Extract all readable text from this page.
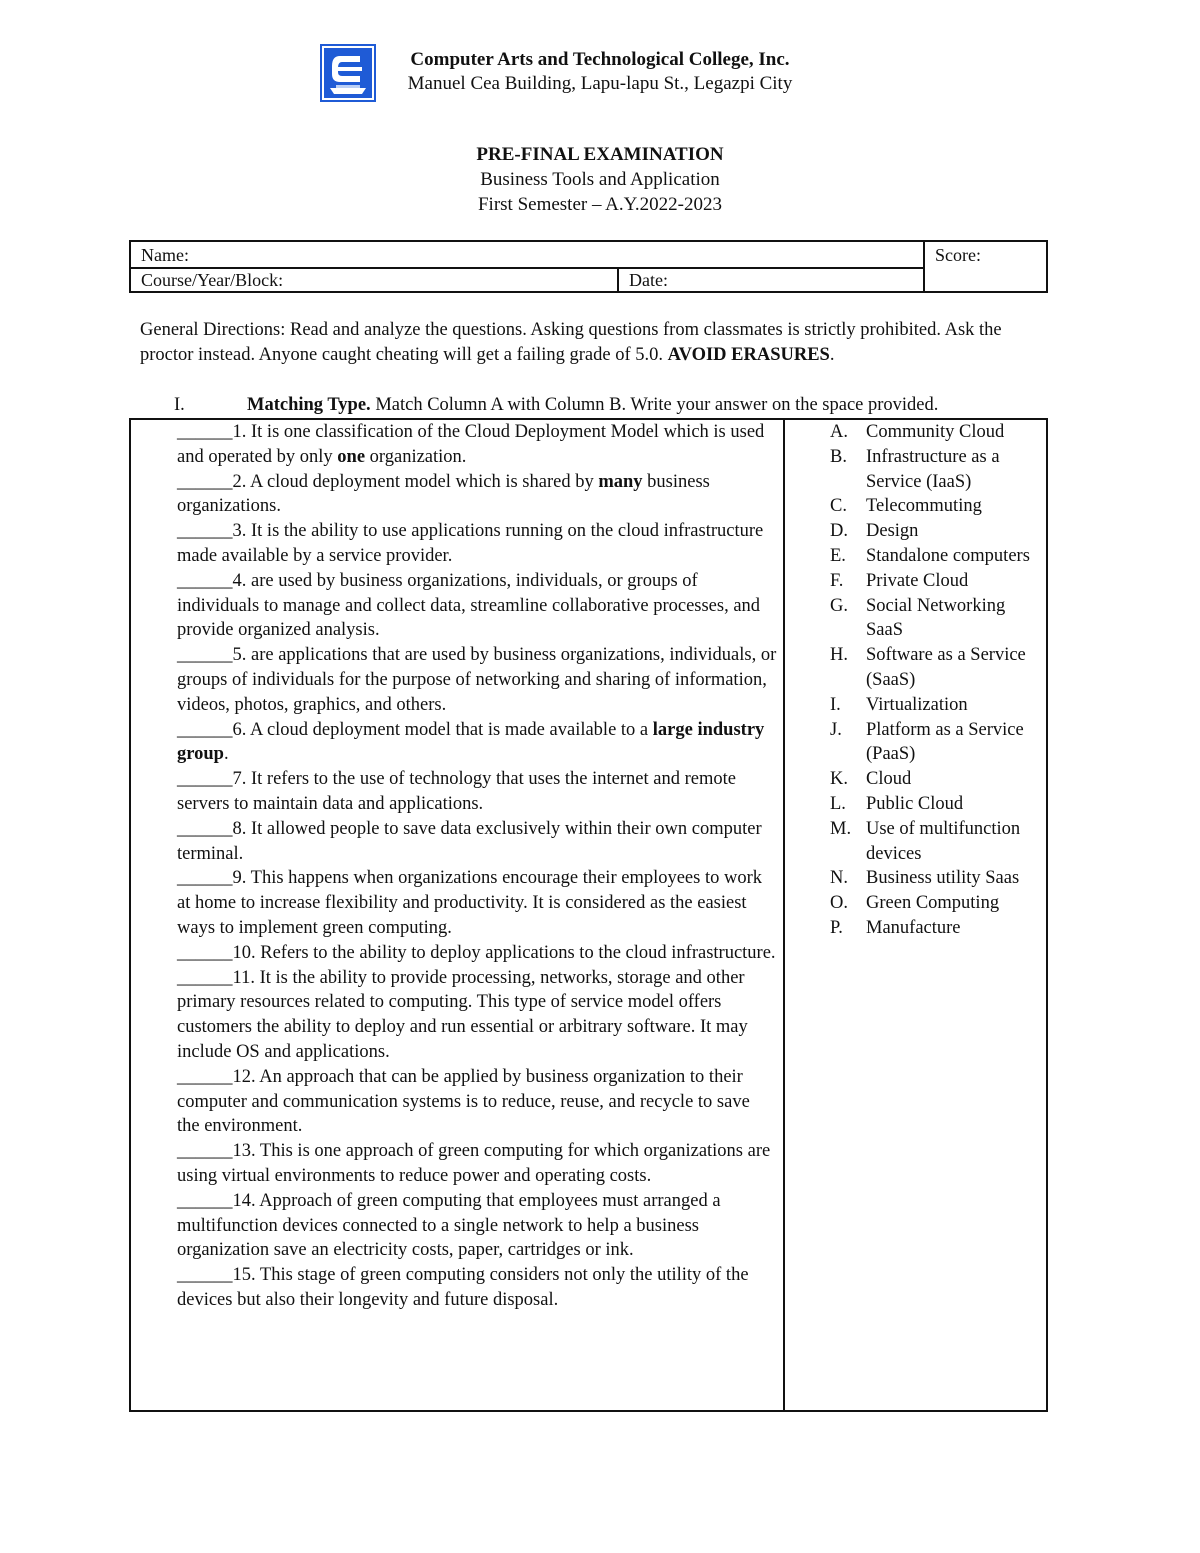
Computer Arts and Technological College, Inc.
Manuel Cea Building, Lapu-lapu St., Legazpi City
PRE-FINAL EXAMINATION
Business Tools and Application
First Semester – A.Y.2022-2023
Name:	Score:
Course/Year/Block:	Date:
General Directions: Read and analyze the questions. Asking questions from classmates is strictly prohibited. Ask the proctor instead. Anyone caught cheating will get a failing grade of 5.0. AVOID ERASURES.
I.	Matching Type. Match Column A with Column B. Write your answer on the space provided.

______1. It is one classification of the Cloud Deployment Model which is used and operated by only one organization.

______2. A cloud deployment model which is shared by many business organizations.

______3. It is the ability to use applications running on the cloud infrastructure made available by a service provider.

______4. are used by business organizations, individuals, or groups of individuals to manage and collect data, streamline collaborative processes, and provide organized analysis.

______5. are applications that are used by business organizations, individuals, or groups of individuals for the purpose of networking and sharing of information, videos, photos, graphics, and others.

______6. A cloud deployment model that is made available to a large industry group.

______7. It refers to the use of technology that uses the internet and remote servers to maintain data and applications.

______8. It allowed people to save data exclusively within their own computer terminal.

______9. This happens when organizations encourage their employees to work at home to increase flexibility and productivity. It is considered as the easiest ways to implement green computing.

______10. Refers to the ability to deploy applications to the cloud infrastructure.

______11. It is the ability to provide processing, networks, storage and other primary resources related to computing. This type of service model offers customers the ability to deploy and run essential or arbitrary software. It may include OS and applications.

______12. An approach that can be applied by business organization to their computer and communication systems is to reduce, reuse, and recycle to save the environment.

______13. This is one approach of green computing for which organizations are using virtual environments to reduce power and operating costs.

______14. Approach of green computing that employees must arranged a multifunction devices connected to a single network to help a business organization save an electricity costs, paper, cartridges or ink.

______15. This stage of green computing considers not only the utility of the devices but also their longevity and future disposal.

A. Community Cloud
B.	Infrastructure as a Service (IaaS)
C.	Telecommuting
D. Design
E.	Standalone computers
F.	Private Cloud
G. Social Networking SaaS
H. Software as a Service (SaaS)
I.	Virtualization
J.	Platform as a Service (PaaS)
K. Cloud
L.	Public Cloud
M. Use of multifunction devices
N. Business utility Saas
O. Green Computing
P.	Manufacture
